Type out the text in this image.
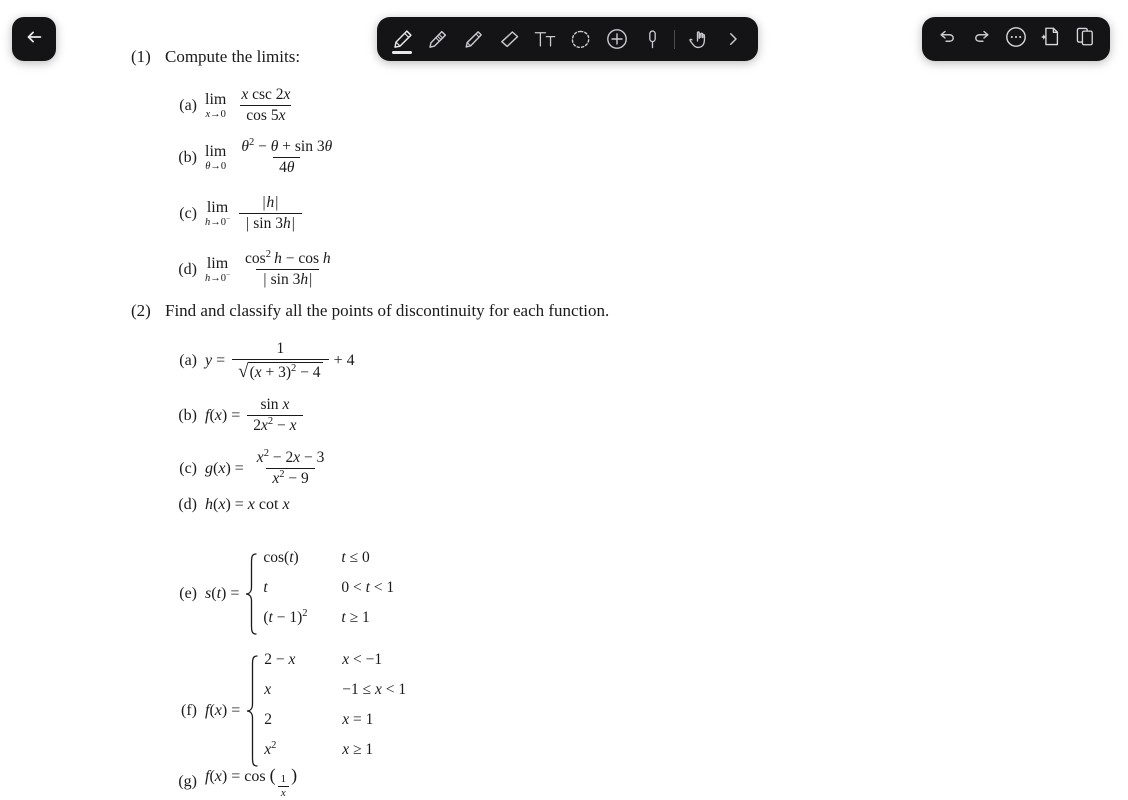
(1) Compute the limits:
(a) lim
$x\to 0 \frac{\text{x csc 2x}}{\cos 5x}$
(b) lim
$\theta\to 0 \frac{\theta^2 - \theta + \sin 3\theta}{4\theta}$
(c) lim
$h\to 0^- \frac{|h|}{| \sin 3h|}$
(d) lim
$h\to 0^- \frac{\cos^2 h - \cos h}{| \sin 3h|}$
(2) Find and classify all the points of discontinuity for each function.
(a) $y = \frac{1}{√ (x + 3)^2 - 4} + 4$
(b) $f(x) = \frac{\text{sin x}}{2x^2 - x}$
(c) $g(x) = \frac{x^2 - 2x - 3}{x^2 - 9}$
(d) h(x) = x cot x
(e) s(t) =
cos(t)	t ≤ 0
t	0 < t < 1
$(t - 1)^2$	t ≥ 1
(f) f(x) =
2 − x	x < −1
x	−1 ≤ x < 1
2	x = 1
$x^2$	x ≥ 1
(g) f(x) = cos ( $\frac{1}{x}$ )
